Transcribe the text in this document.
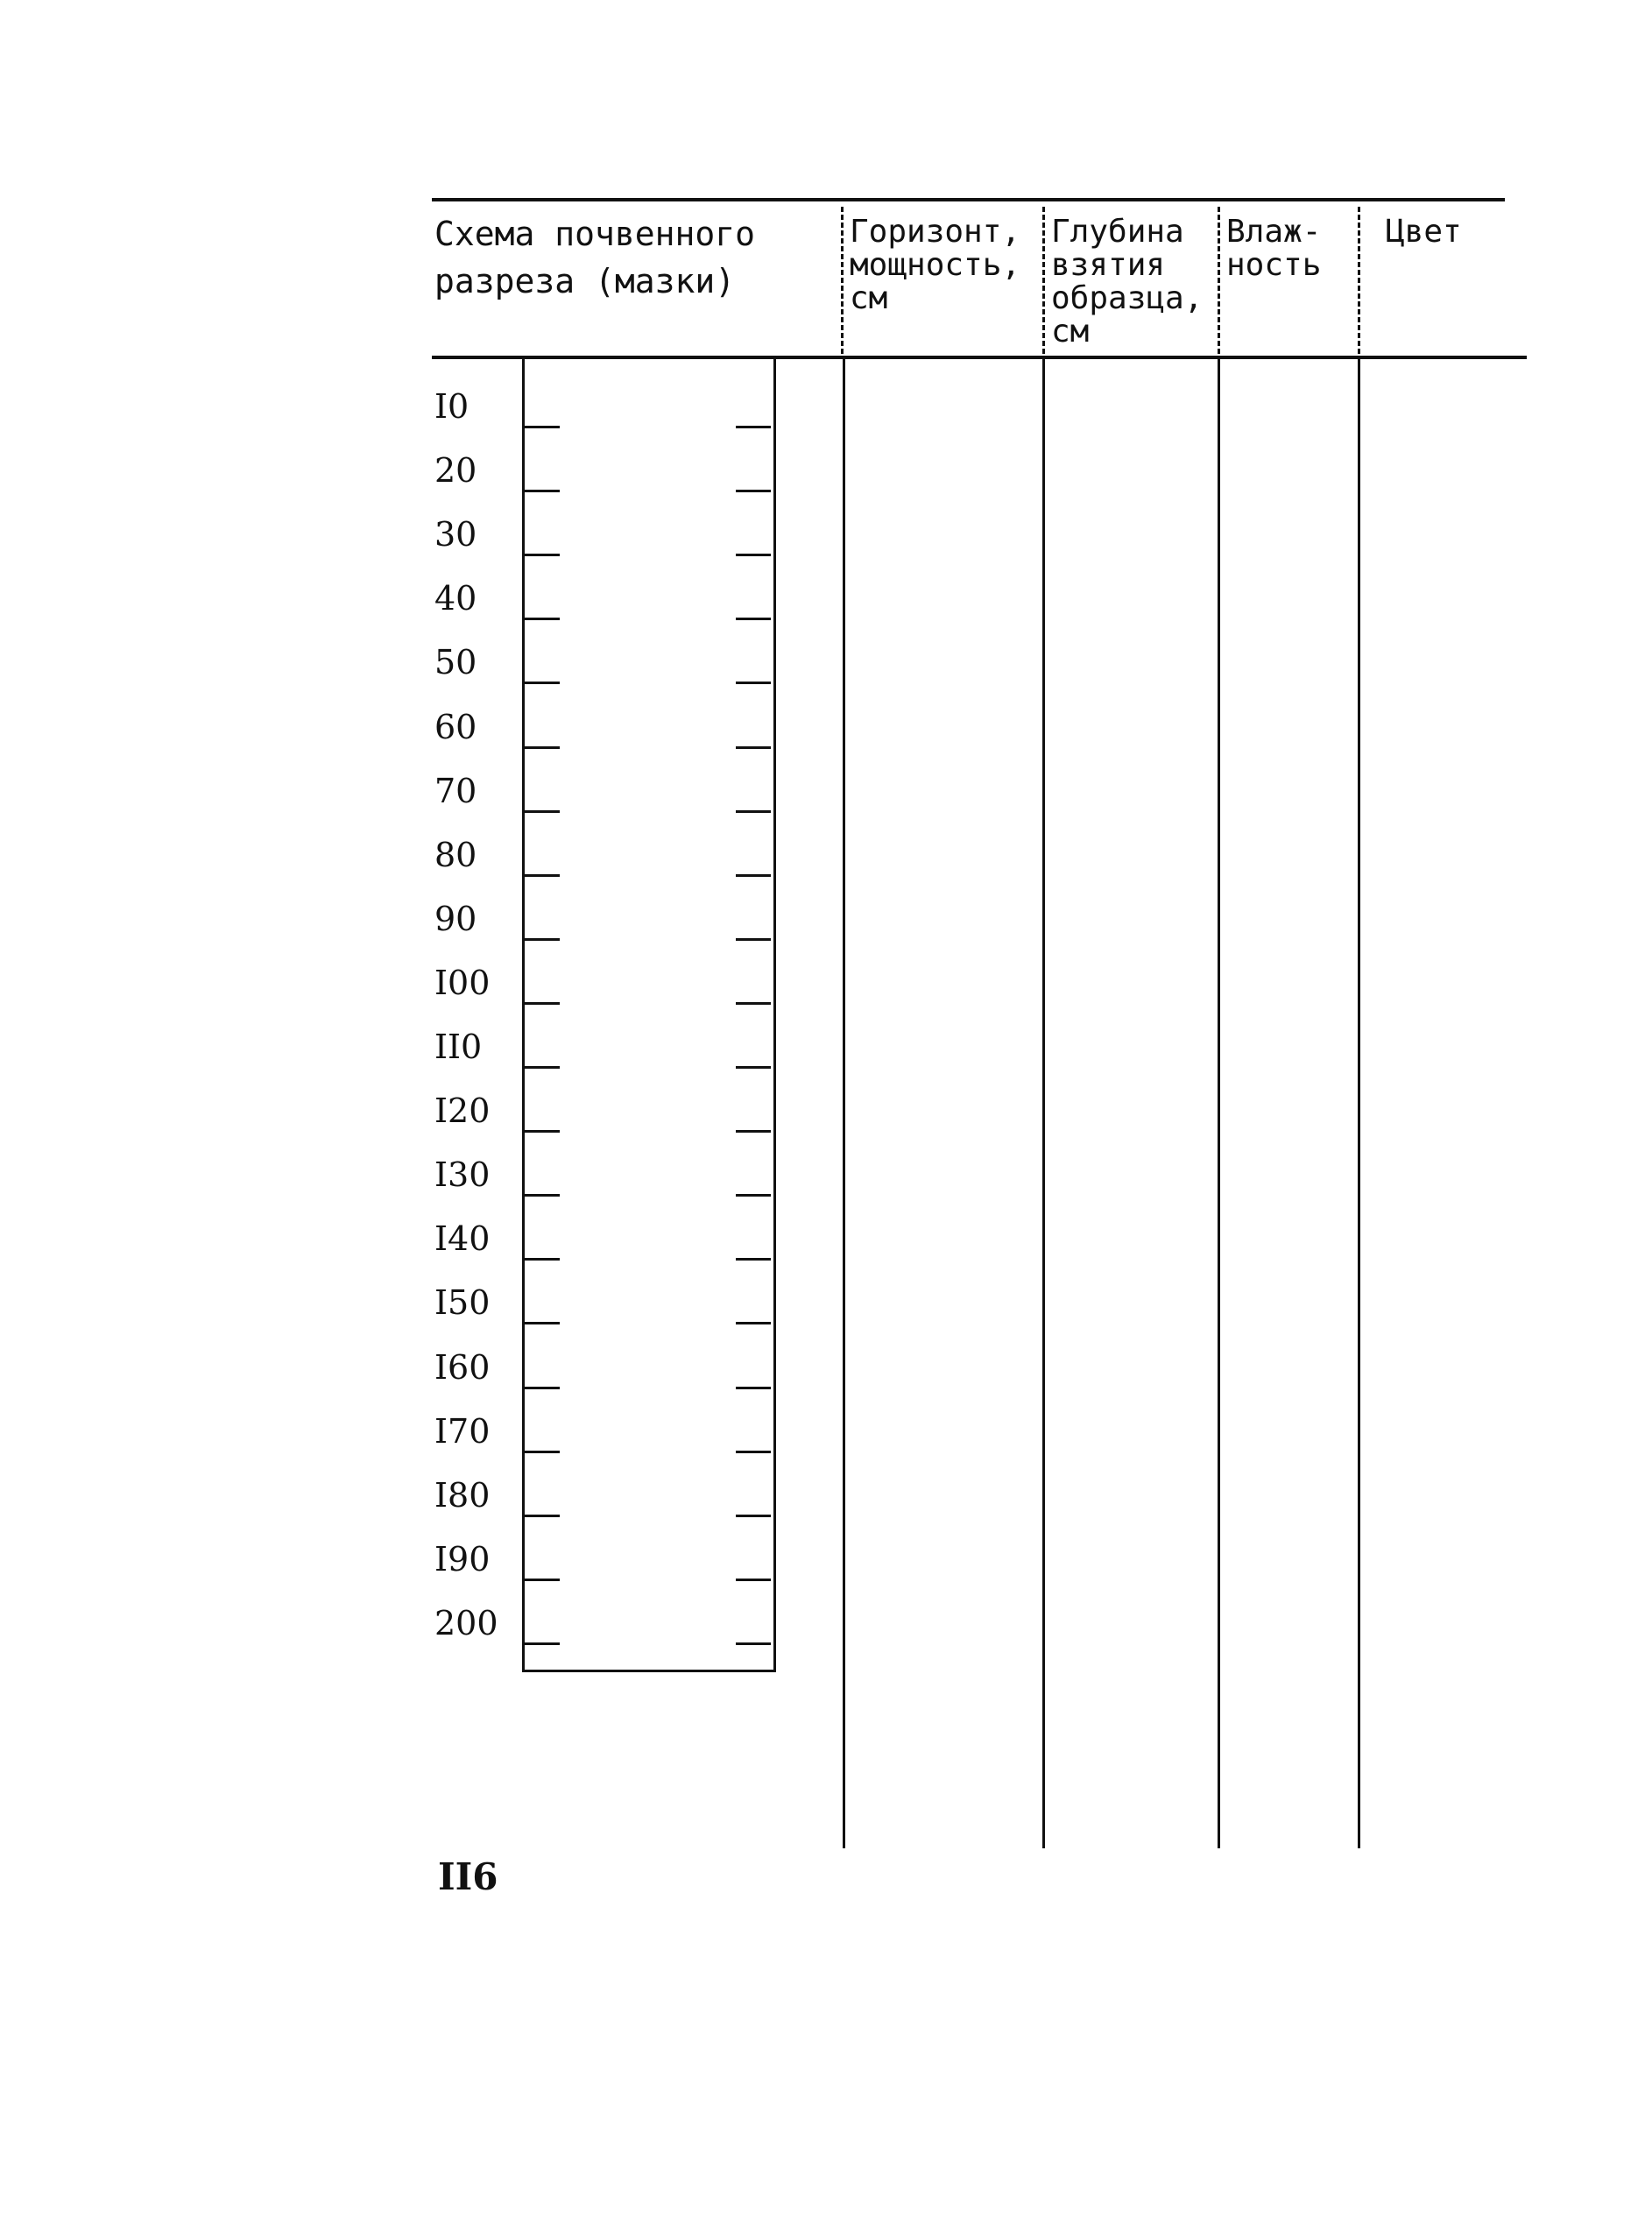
Схема почвенного
разреза (мазки)
Горизонт,
мощность,
см
Глубина
взятия
образца,
см
Влаж-
ность
Цвет
I0
20
30
40
50
60
70
80
90
I00
II0
I20
I30
I40
I50
I60
I70
I80
I90
200
II6
